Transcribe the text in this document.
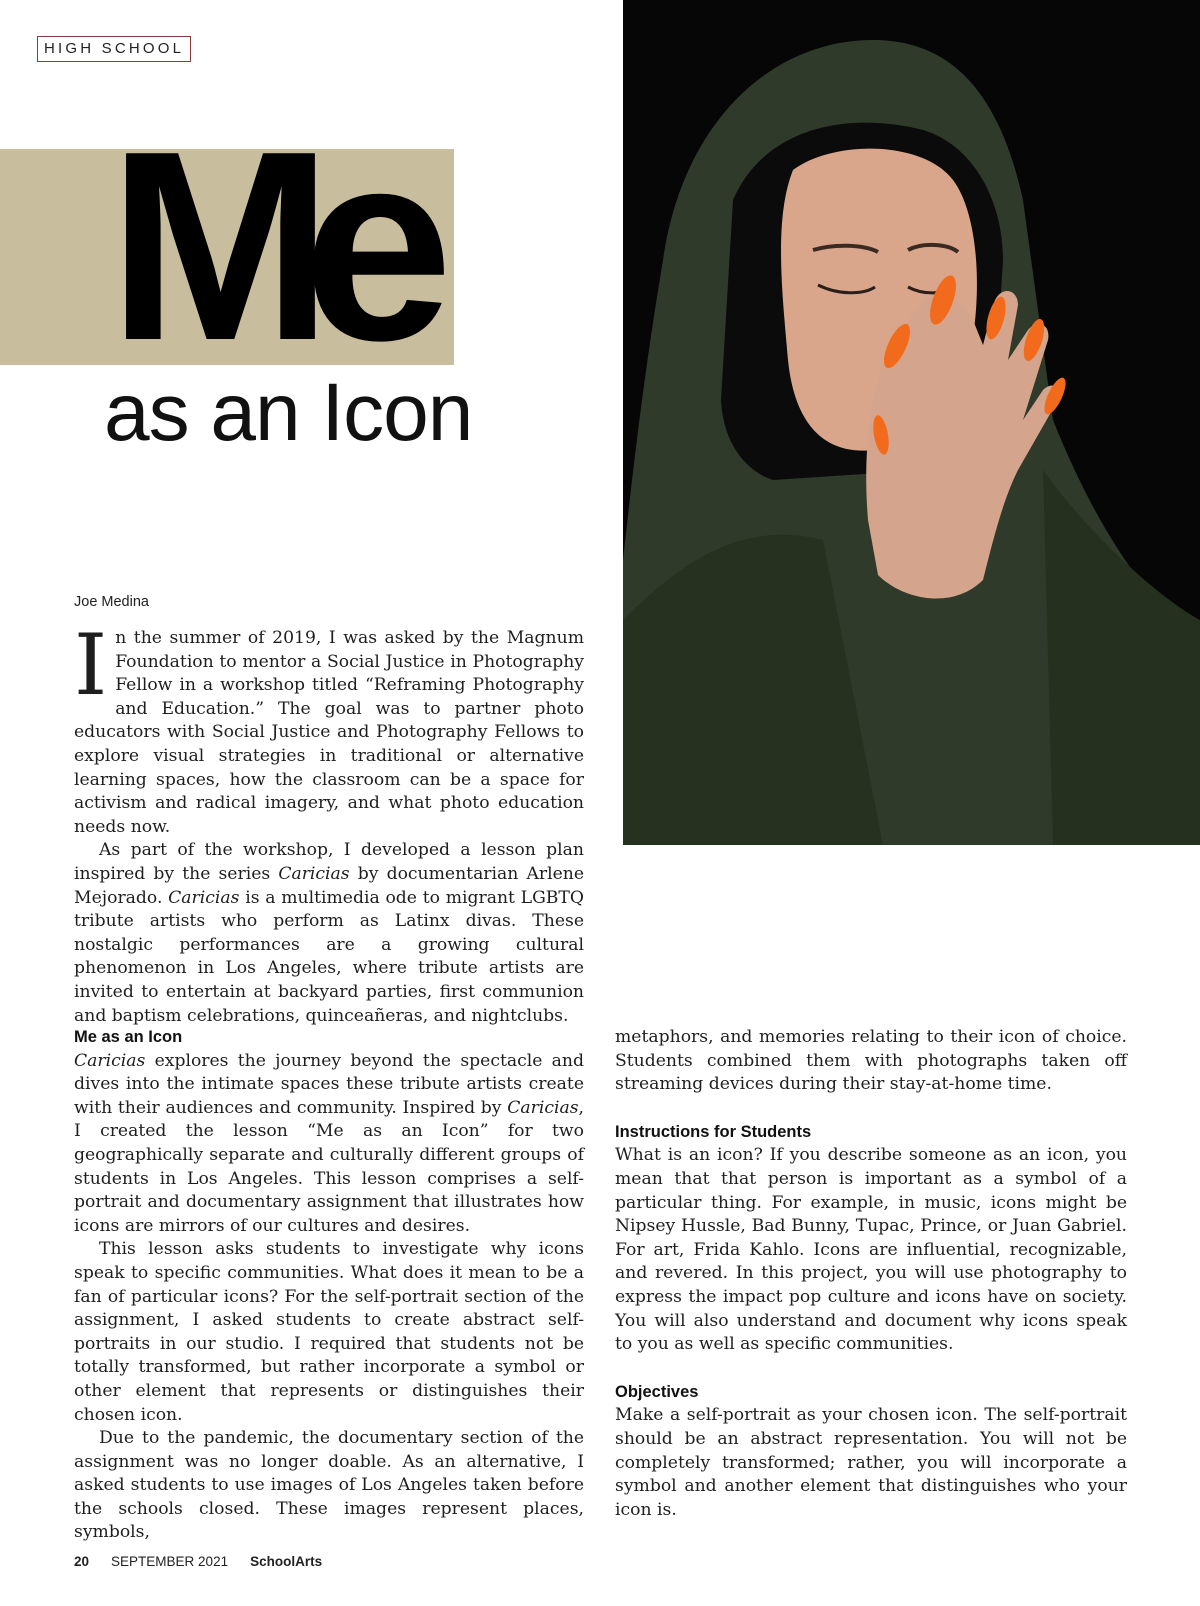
HIGH SCHOOL
Me
as an Icon
Joe Medina

In the summer of 2019, I was asked by the Magnum Foundation to mentor a Social Justice in Photography Fellow in a workshop titled “Reframing Photography and Education.” The goal was to partner photo educators with Social Justice and Photography Fellows to explore visual strategies in traditional or alternative learning spaces, how the classroom can be a space for activism and radical imagery, and what photo education needs now.

As part of the workshop, I developed a lesson plan inspired by the series Caricias by documentarian Arlene Mejorado. Caricias is a multimedia ode to migrant LGBTQ tribute artists who perform as Latinx divas. These nostalgic performances are a growing cultural phenomenon in Los Angeles, where tribute artists are invited to entertain at backyard parties, first communion and baptism celebrations, quinceañeras, and nightclubs.

Me as an Icon

Caricias explores the journey beyond the spectacle and dives into the intimate spaces these tribute artists create with their audiences and community. Inspired by Caricias, I created the lesson “Me as an Icon” for two geographically separate and culturally different groups of students in Los Angeles. This lesson comprises a self-portrait and documentary assignment that illustrates how icons are mirrors of our cultures and desires.

This lesson asks students to investigate why icons speak to specific communities. What does it mean to be a fan of particular icons? For the self-portrait section of the assignment, I asked students to create abstract self-portraits in our studio. I required that students not be totally transformed, but rather incorporate a symbol or other element that represents or distinguishes their chosen icon.

Due to the pandemic, the documentary section of the assignment was no longer doable. As an alternative, I asked students to use images of Los Angeles taken before the schools closed. These images represent places, symbols,

metaphors, and memories relating to their icon of choice. Students combined them with photographs taken off streaming devices during their stay-at-home time.

Instructions for Students

What is an icon? If you describe someone as an icon, you mean that that person is important as a symbol of a particular thing. For example, in music, icons might be Nipsey Hussle, Bad Bunny, Tupac, Prince, or Juan Gabriel. For art, Frida Kahlo. Icons are influential, recognizable, and revered. In this project, you will use photography to express the impact pop culture and icons have on society. You will also understand and document why icons speak to you as well as specific communities.

Objectives

Make a self-portrait as your chosen icon. The self-portrait should be an abstract representation. You will not be completely transformed; rather, you will incorporate a symbol and another element that distinguishes who your icon is.

20 SEPTEMBER 2021 SchoolArts
